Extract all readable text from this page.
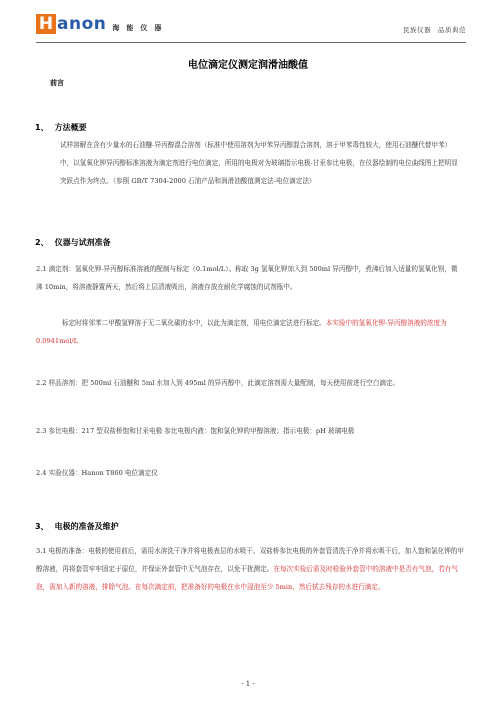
H anon 海能仪器	民族仪器　品质典范
电位滴定仪测定润滑油酸值
前言
1、 方法概要

试样溶解在含有少量水的石油醚-异丙醇混合溶剂（标准中使用溶剂为甲苯异丙醇混合溶剂，溶于甲苯毒性较大，使用石油醚代替甲苯）中，以氢氧化钾异丙醇标准溶液为滴定剂进行电位滴定，所用的电极对为玻璃指示电极-甘汞参比电极，在仪器绘制的电位曲线图上把明显突跃点作为终点。（参照 GB/T 7304-2000 石油产品和润滑油酸值测定法-电位滴定法）

2、 仪器与试剂准备

2.1 滴定剂：氢氧化钾-异丙醇标准溶液的配制与标定（0.1mol/L）。称取 3g 氢氧化钾加入到 500ml 异丙醇中，煮沸后加入适量的氢氧化钡，微沸 10min，将溶液静置两天，然后将上层清液吸出，溶液存放在耐化学腐蚀的试剂瓶中。

标定时将邻苯二甲酸氢钾溶于无二氧化碳的水中，以此为滴定剂，用电位滴定法进行标定。本实验中的氢氧化钾-异丙醇溶液的浓度为 0.0941mol/L

2.2 样品溶剂：把 500ml 石油醚和 5ml 水加入到 495ml 的异丙醇中，此滴定溶剂需大量配制，每天使用前进行空白滴定。

2.3 参比电极：217 型双盐桥饱和甘汞电极 参比电极内液：饱和氯化钾的甲醇溶液；指示电极：pH 玻璃电极

2.4 实验仪器：Hanon T860 电位滴定仪

3、 电极的准备及维护

3.1 电极的准备：电极的使用前后，需用水溶洗干净并将电极表层的水吸干。双盐桥参比电极的外套管清洗干净并将水吸干后，加入饱和氯化钾的甲醇溶液，再将套管牢牢固定于原位，并保证外套管中无气泡存在，以免干扰测定。在每次实验后需及时检验外套管中的溶液中是否有气泡，若有气泡，需加入新的溶液，排除气泡。在每次滴定前，把准备好的电极在水中浸泡至少 5min，然后拭去残存的水进行滴定。

- 1 -
